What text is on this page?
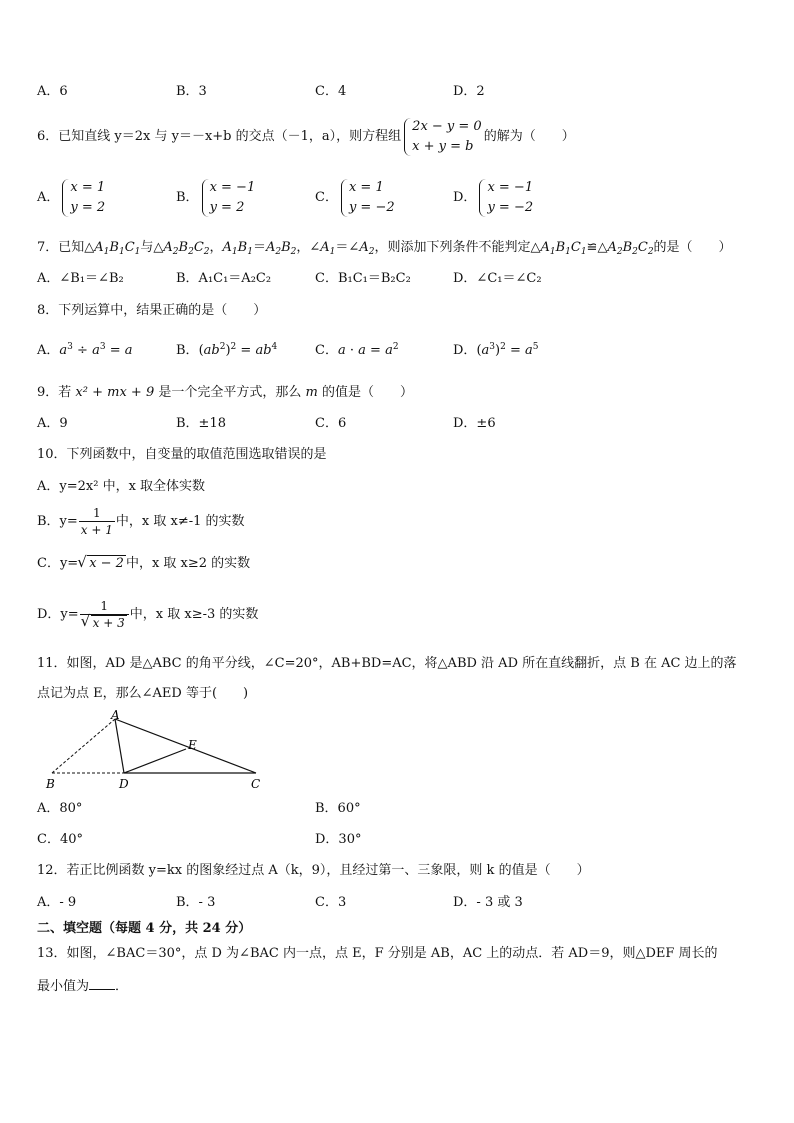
A．6	B．3	C．4	D．2
6．已知直线 y＝2x 与 y＝－x+b 的交点（－1，a），则方程组
2x − y = 0
x + y = b
的解为（　　）
A．
x = 1
y = 2
B．
x = −1
y = 2
C．
x = 1
y = −2
D．
x = −1
y = −2
7．已知$\triangle A_1B_1C_1$与$\triangle A_2B_2C_2$，$A_1B_1=A_2B_2$，$\angle A_1=\angle A_2$，则添加下列条件不能判定$\triangle A_1B_1C_1≌\triangle A_2B_2C_2$的是（　　）
A．∠B₁＝∠B₂	B．A₁C₁＝A₂C₂	C．B₁C₁＝B₂C₂	D．∠C₁＝∠C₂
8．下列运算中，结果正确的是（　　）
A．$a^3 \div a^3 = a$	B．$(ab^2)^2 = ab^4$	C．$a \cdot a = a^2$	D．$(a^3)^2 = a^5$
9．若 x² + mx + 9 是一个完全平方式，那么 m 的值是（　　）
A．9	B．±18	C．6	D．±6
10．下列函数中，自变量的取值范围选取错误的是
A．y=2x² 中，x 取全体实数
B．$y= \frac{1}{x + 1}$ 中，x 取 x≠-1 的实数
C．y=√ x − 2 中，x 取 x≥2 的实数
D．y= 1
√ x + 3 中，x 取 x≥-3 的实数
11．如图，AD 是△ABC 的角平分线，∠C=20°，AB+BD=AC，将△ABD 沿 AD 所在直线翻折，点 B 在 AC 边上的落
点记为点 E，那么∠AED 等于(　　)
A
B	D	C
E
A．80°	B．60°
C．40°	D．30°
12．若正比例函数 y=kx 的图象经过点 A（k，9），且经过第一、三象限，则 k 的值是（　　）
A．- 9	B．- 3	C．3	D．- 3 或 3
二、填空题（每题 4 分，共 24 分）
13．如图，∠BAC＝30°，点 D 为∠BAC 内一点，点 E，F 分别是 AB，AC 上的动点．若 AD＝9，则△DEF 周长的
最小值为 ．
